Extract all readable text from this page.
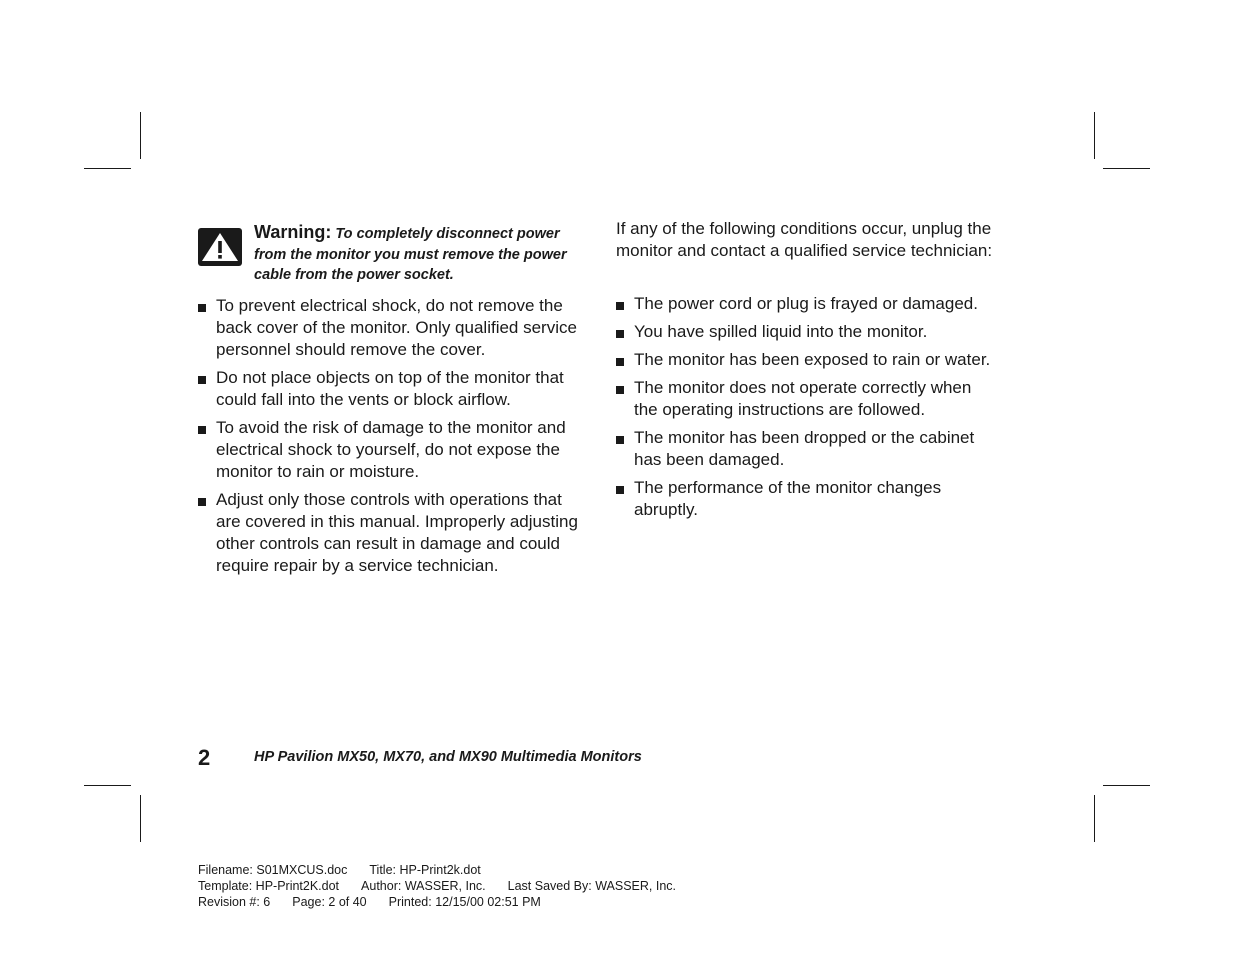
Warning: To completely disconnect power from the monitor you must remove the power cable from the power socket.
To prevent electrical shock, do not remove the back cover of the monitor. Only qualified service personnel should remove the cover.
Do not place objects on top of the monitor that could fall into the vents or block airflow.
To avoid the risk of damage to the monitor and electrical shock to yourself, do not expose the monitor to rain or moisture.
Adjust only those controls with operations that are covered in this manual. Improperly adjusting other controls can result in damage and could require repair by a service technician.

If any of the following conditions occur, unplug the monitor and contact a qualified service technician:

The power cord or plug is frayed or damaged.
You have spilled liquid into the monitor.
The monitor has been exposed to rain or water.
The monitor does not operate correctly when the operating instructions are followed.
The monitor has been dropped or the cabinet has been damaged.
The performance of the monitor changes abruptly.
2	HP Pavilion MX50, MX70, and MX90 Multimedia Monitors
Filename: S01MXCUS.doc Title: HP-Print2k.dot
Template: HP-Print2K.dot Author: WASSER, Inc. Last Saved By: WASSER, Inc.
Revision #: 6 Page: 2 of 40 Printed: 12/15/00 02:51 PM
